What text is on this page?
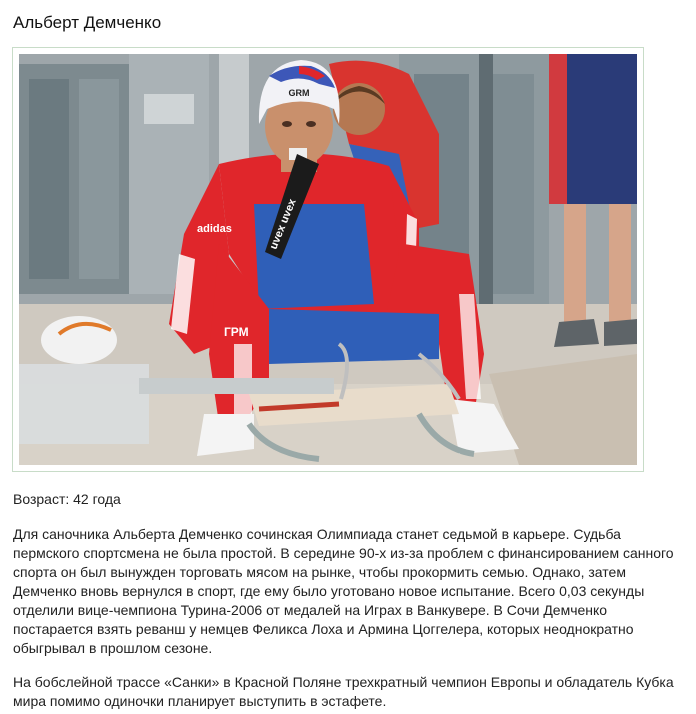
Альберт Демченко
GRM
uvex uvex
adidas
ГРМ

Возраст: 42 года

Для саночника Альберта Демченко сочинская Олимпиада станет седьмой в карьере. Судьба пермского спортсмена не была простой. В середине 90-х из-за проблем с финансированием санного спорта он был вынужден торговать мясом на рынке, чтобы прокормить семью. Однако, затем Демченко вновь вернулся в спорт, где ему было уготовано новое испытание. Всего 0,03 секунды отделили вице-чемпиона Турина-2006 от медалей на Играх в Ванкувере. В Сочи Демченко постарается взять реванш у немцев Феликса Лоха и Армина Цоггелера, которых неоднократно обыгрывал в прошлом сезоне.

На бобслейной трассе «Санки» в Красной Поляне трехкратный чемпион Европы и обладатель Кубка мира помимо одиночки планирует выступить в эстафете.
